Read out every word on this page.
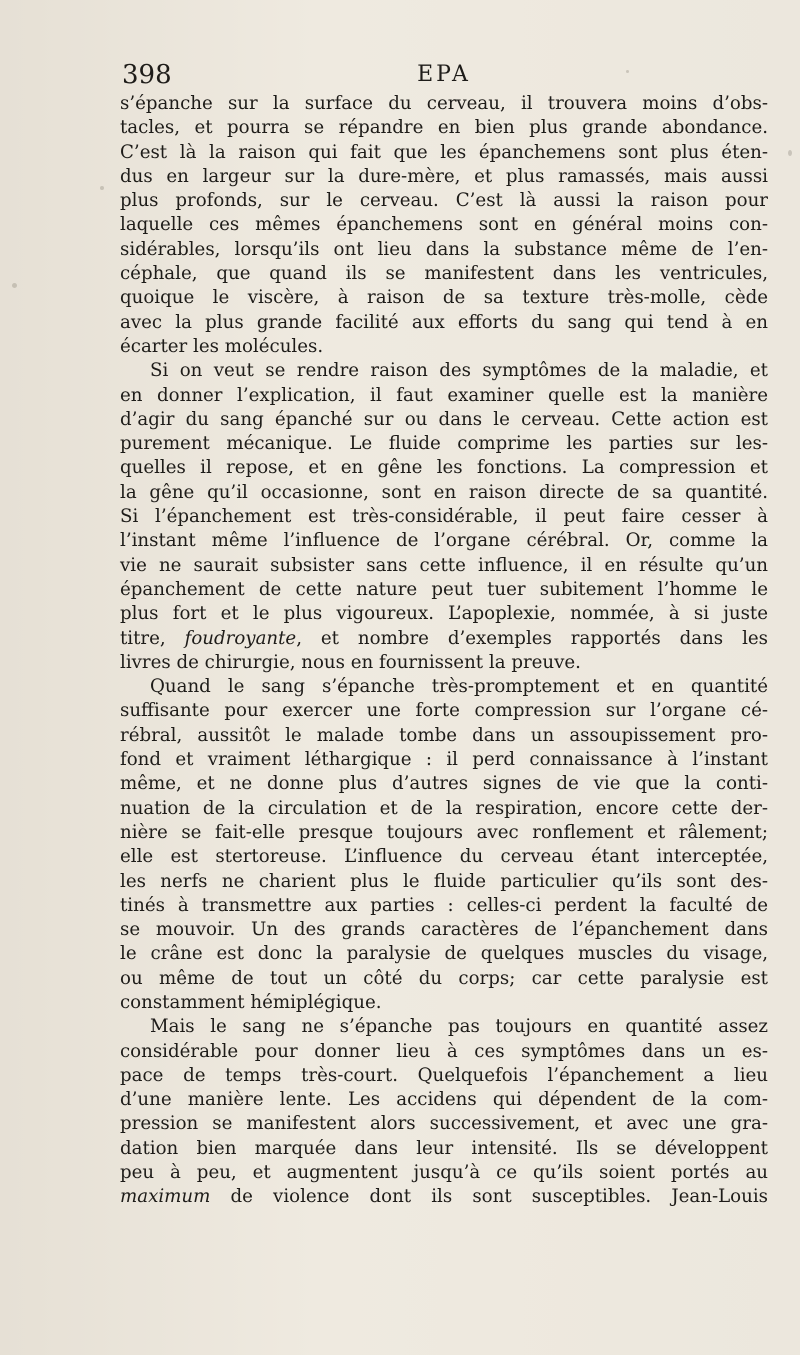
398	EPA
s’épanche sur la surface du cerveau, il trouvera moins d’obs-
tacles, et pourra se répandre en bien plus grande abondance.
C’est là la raison qui fait que les épanchemens sont plus éten-
dus en largeur sur la dure-mère, et plus ramassés, mais aussi
plus profonds, sur le cerveau. C’est là aussi la raison pour
laquelle ces mêmes épanchemens sont en général moins con-
sidérables, lorsqu’ils ont lieu dans la substance même de l’en-
céphale, que quand ils se manifestent dans les ventricules,
quoique le viscère, à raison de sa texture très-molle, cède
avec la plus grande facilité aux efforts du sang qui tend à en
écarter les molécules.
Si on veut se rendre raison des symptômes de la maladie, et
en donner l’explication, il faut examiner quelle est la manière
d’agir du sang épanché sur ou dans le cerveau. Cette action est
purement mécanique. Le fluide comprime les parties sur les-
quelles il repose, et en gêne les fonctions. La compression et
la gêne qu’il occasionne, sont en raison directe de sa quantité.
Si l’épanchement est très-considérable, il peut faire cesser à
l’instant même l’influence de l’organe cérébral. Or, comme la
vie ne saurait subsister sans cette influence, il en résulte qu’un
épanchement de cette nature peut tuer subitement l’homme le
plus fort et le plus vigoureux. L’apoplexie, nommée, à si juste
titre, foudroyante, et nombre d’exemples rapportés dans les
livres de chirurgie, nous en fournissent la preuve.
Quand le sang s’épanche très-promptement et en quantité
suffisante pour exercer une forte compression sur l’organe cé-
rébral, aussitôt le malade tombe dans un assoupissement pro-
fond et vraiment léthargique : il perd connaissance à l’instant
même, et ne donne plus d’autres signes de vie que la conti-
nuation de la circulation et de la respiration, encore cette der-
nière se fait-elle presque toujours avec ronflement et râlement;
elle est stertoreuse. L’influence du cerveau étant interceptée,
les nerfs ne charient plus le fluide particulier qu’ils sont des-
tinés à transmettre aux parties : celles-ci perdent la faculté de
se mouvoir. Un des grands caractères de l’épanchement dans
le crâne est donc la paralysie de quelques muscles du visage,
ou même de tout un côté du corps; car cette paralysie est
constamment hémiplégique.
Mais le sang ne s’épanche pas toujours en quantité assez
considérable pour donner lieu à ces symptômes dans un es-
pace de temps très-court. Quelquefois l’épanchement a lieu
d’une manière lente. Les accidens qui dépendent de la com-
pression se manifestent alors successivement, et avec une gra-
dation bien marquée dans leur intensité. Ils se développent
peu à peu, et augmentent jusqu’à ce qu’ils soient portés au
maximum de violence dont ils sont susceptibles. Jean-Louis
